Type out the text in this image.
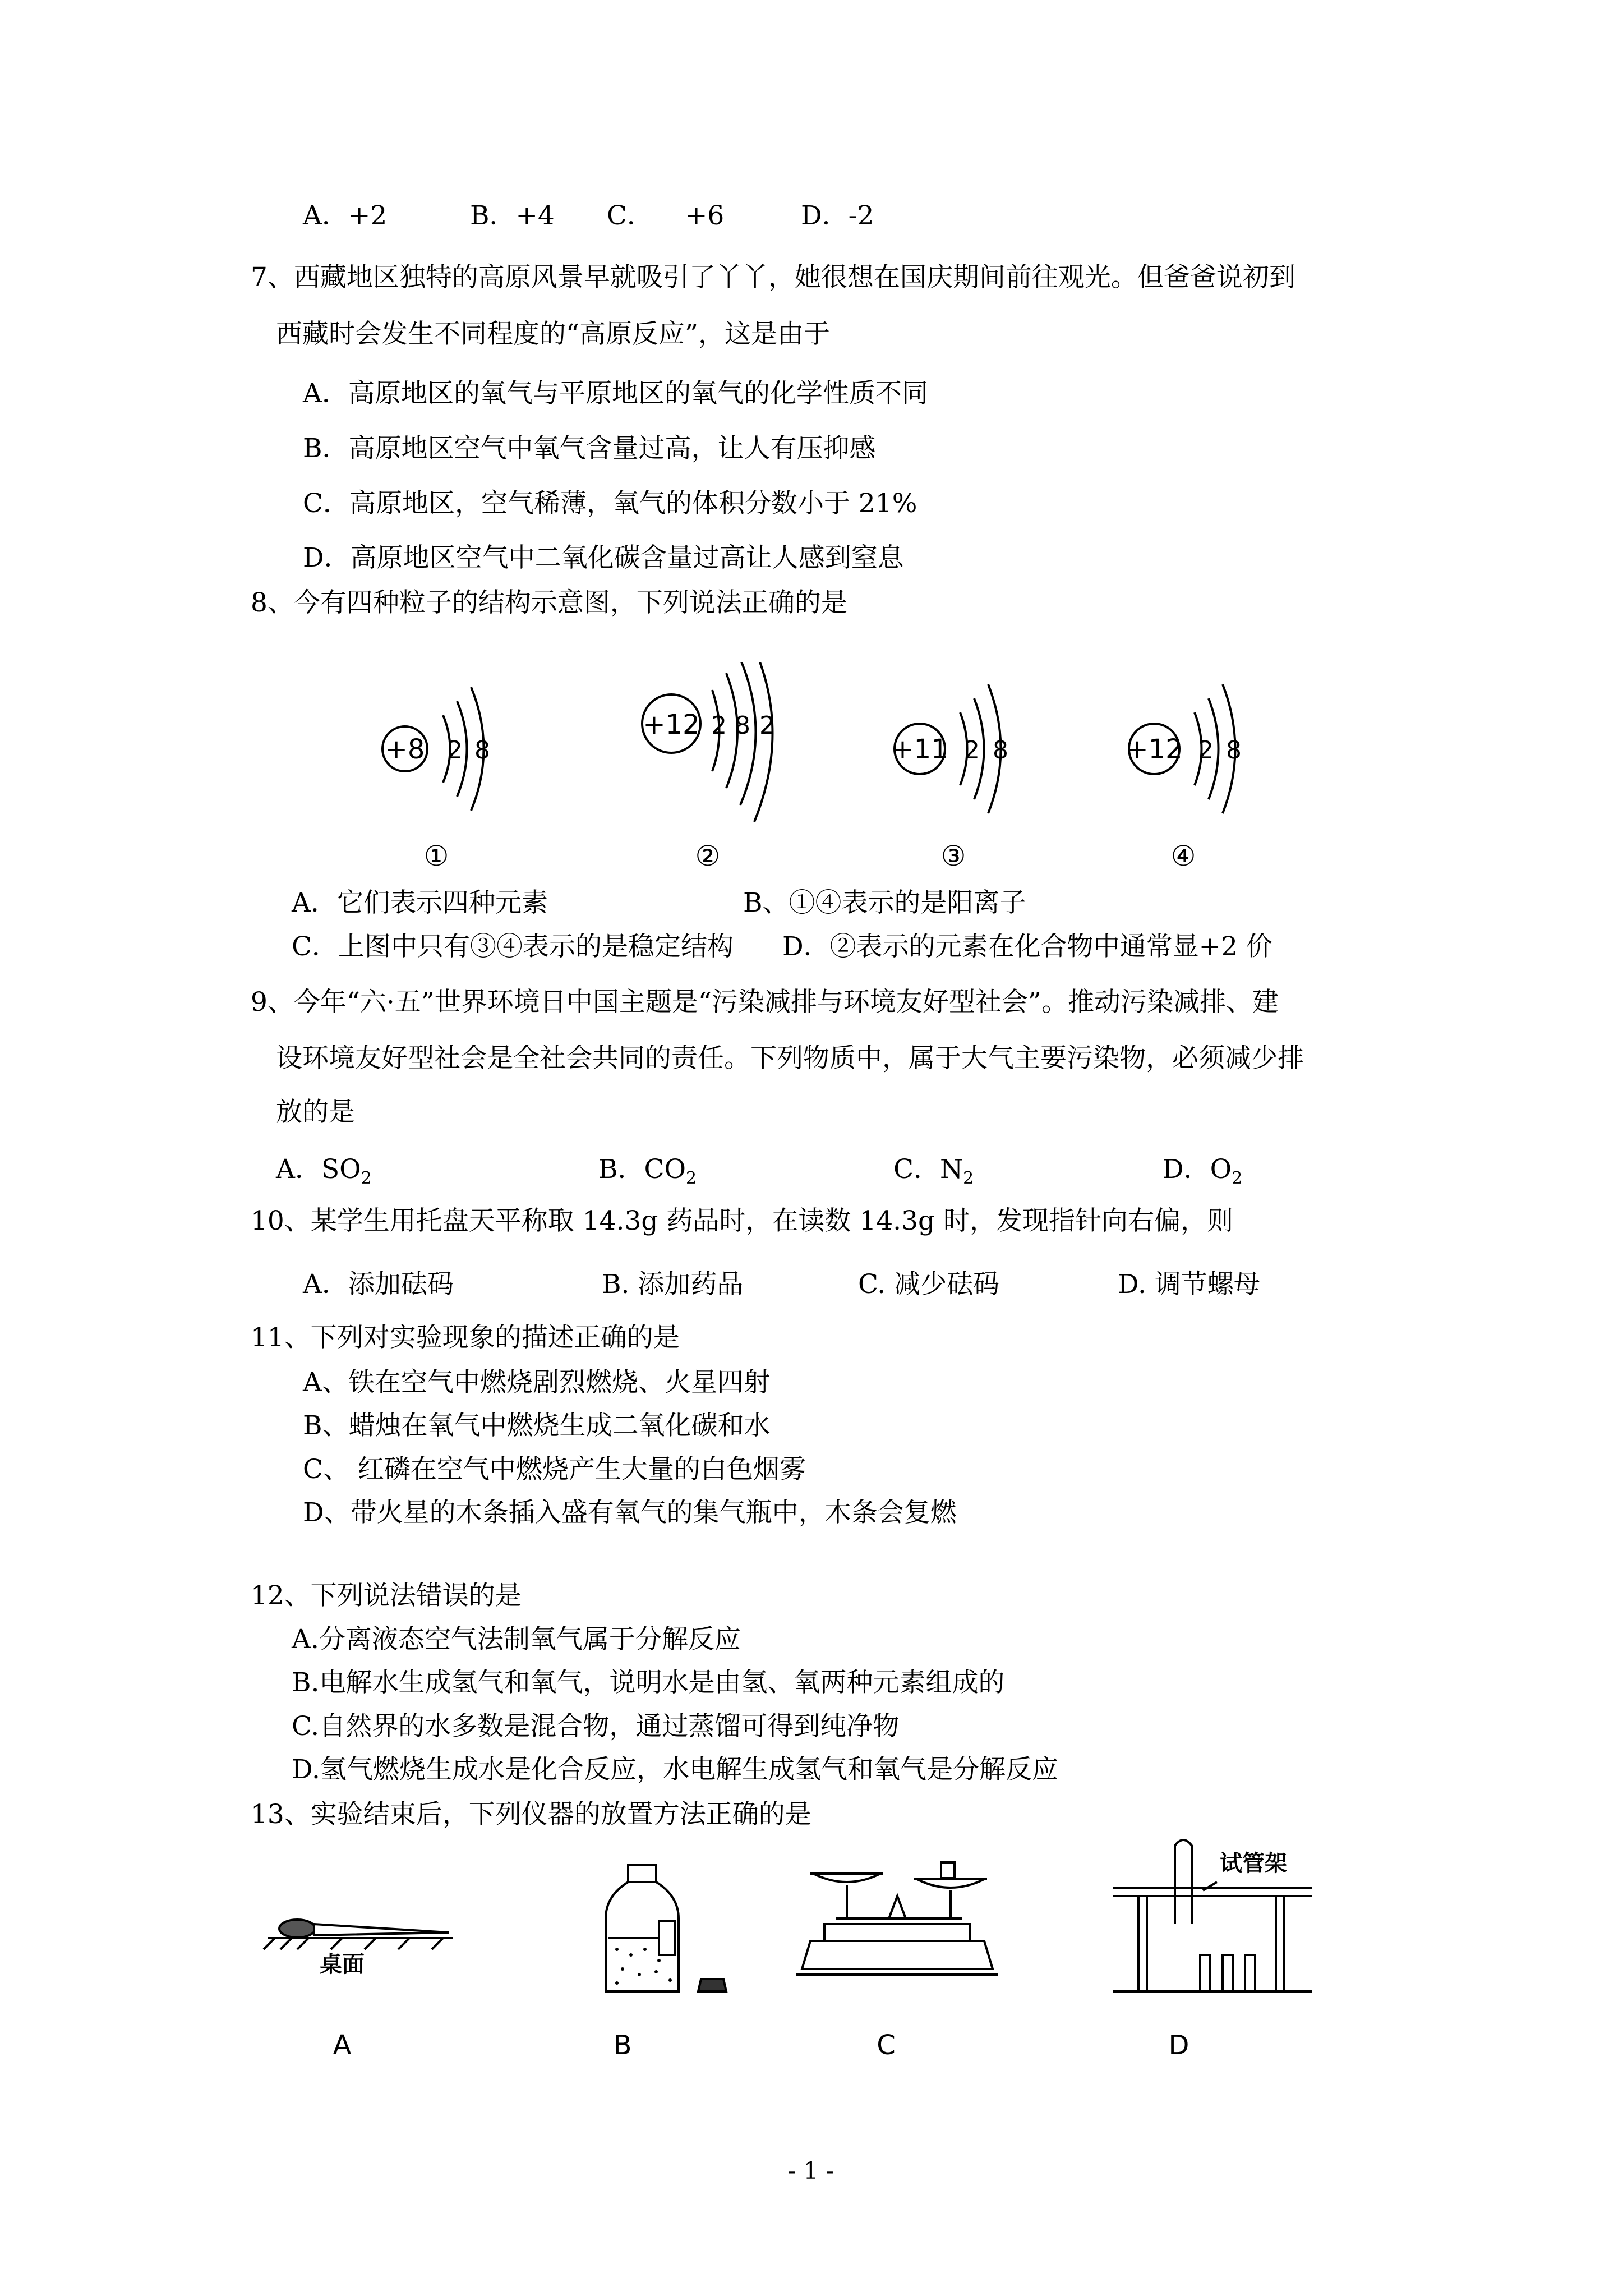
A．+2	B．+4 C． +6	D．-2
7、西藏地区独特的高原风景早就吸引了丫丫，她很想在国庆期间前往观光。但爸爸说初到
西藏时会发生不同程度的“高原反应”，这是由于
A．高原地区的氧气与平原地区的氧气的化学性质不同
B．高原地区空气中氧气含量过高，让人有压抑感
C．高原地区，空气稀薄，氧气的体积分数小于 21%
D．高原地区空气中二氧化碳含量过高让人感到窒息
8、今有四种粒子的结构示意图，下列说法正确的是
+8 2 8
+12 2 8 2
+11 2 8	+12 2 8
①	②	③	④
A．它们表示四种元素	B、①④表示的是阳离子
C．上图中只有③④表示的是稳定结构 D．②表示的元素在化合物中通常显+2 价
9、今年“六·五”世界环境日中国主题是“污染减排与环境友好型社会”。推动污染减排、建
设环境友好型社会是全社会共同的责任。下列物质中，属于大气主要污染物，必须减少排
放的是
A．$SO_2$	B．$CO_2$	C．$N_2$	D．$O_2$
10、某学生用托盘天平称取 14.3g 药品时，在读数 14.3g 时，发现指针向右偏，则
A．添加砝码	B. 添加药品	C. 减少砝码	D. 调节螺母
11、下列对实验现象的描述正确的是
A、铁在空气中燃烧剧烈燃烧、火星四射
B、蜡烛在氧气中燃烧生成二氧化碳和水
C、 红磷在空气中燃烧产生大量的白色烟雾
D、带火星的木条插入盛有氧气的集气瓶中，木条会复燃
12、下列说法错误的是
A.分离液态空气法制氧气属于分解反应
B.电解水生成氢气和氧气，说明水是由氢、氧两种元素组成的
C.自然界的水多数是混合物，通过蒸馏可得到纯净物
D.氢气燃烧生成水是化合反应，水电解生成氢气和氧气是分解反应
13、实验结束后，下列仪器的放置方法正确的是
桌面
试管架
A	B	C	D
- 1 -
